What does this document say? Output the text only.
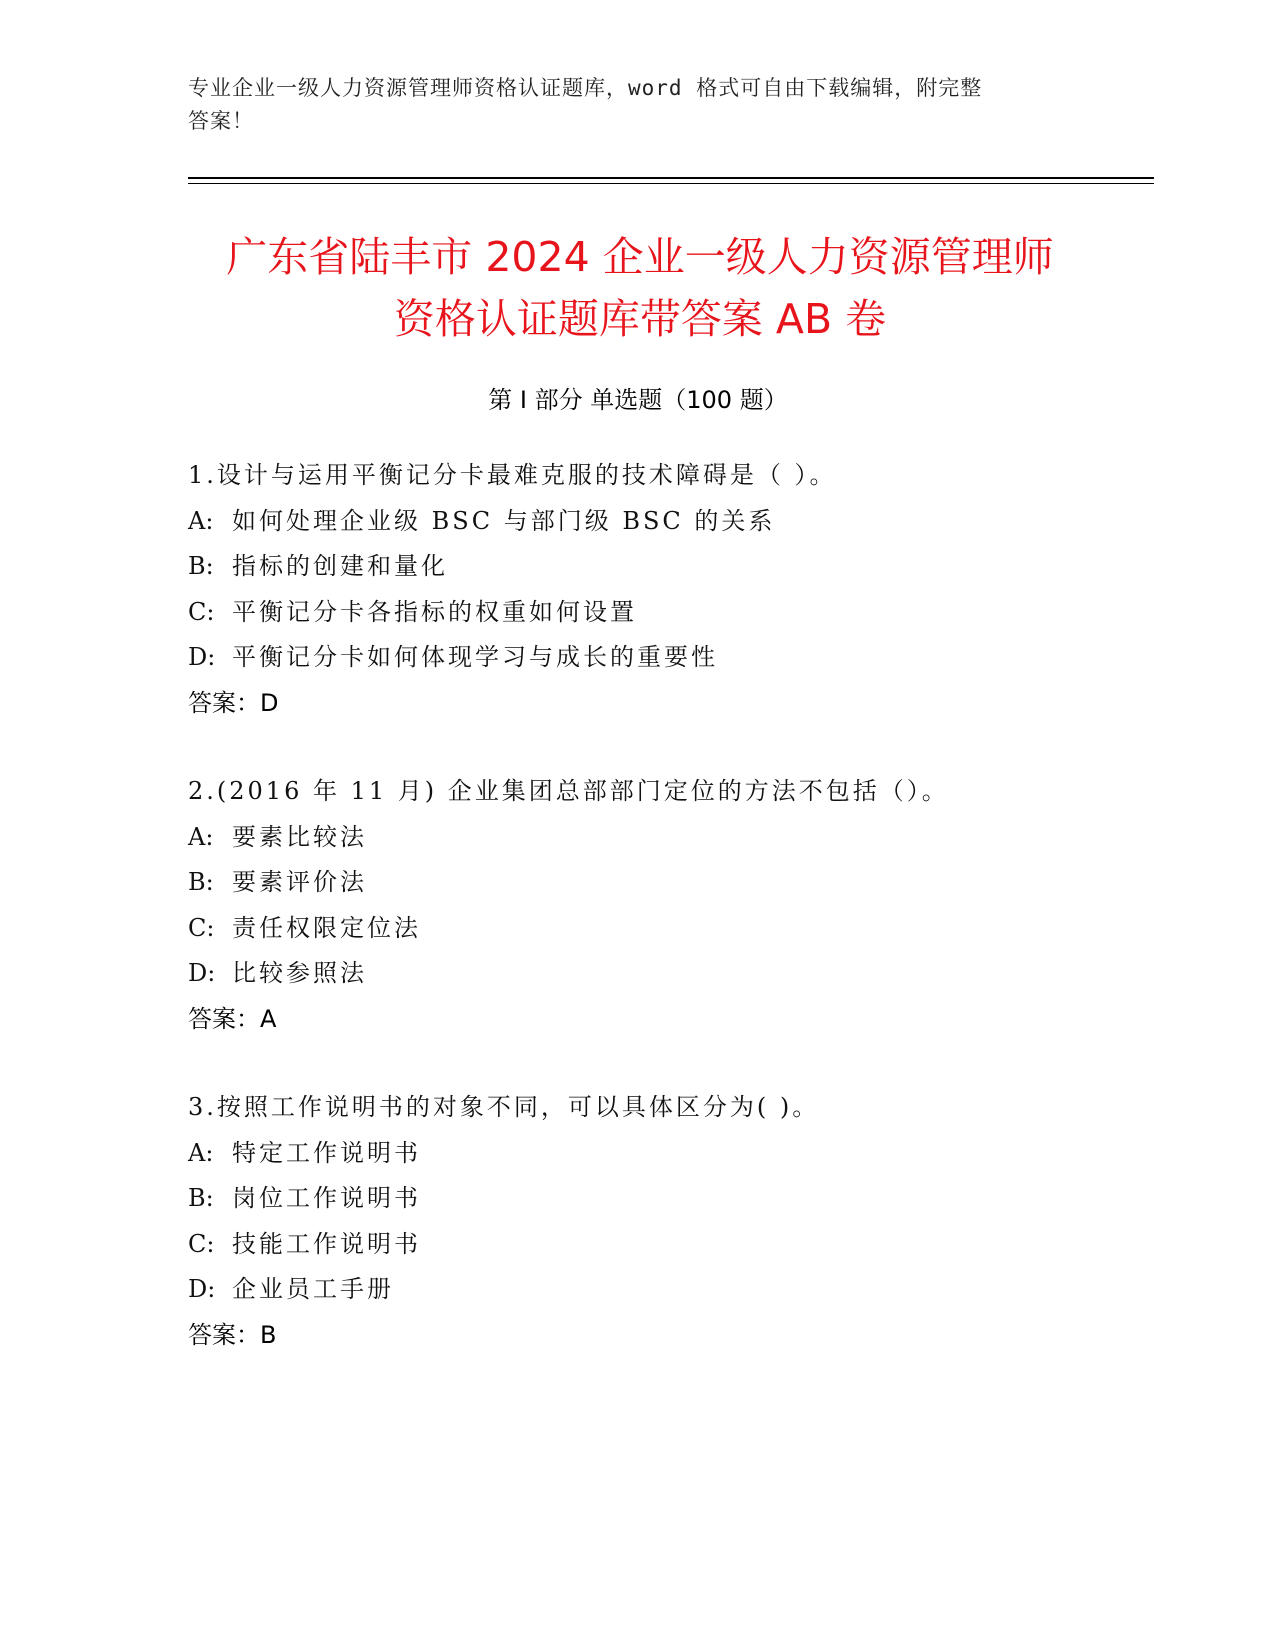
专业企业一级人力资源管理师资格认证题库，word 格式可自由下载编辑，附完整
答案！
广东省陆丰市 2024 企业一级人力资源管理师
资格认证题库带答案 AB 卷
第 I 部分 单选题（100 题）
1.设计与运用平衡记分卡最难克服的技术障碍是（ ）。
A: 如何处理企业级 BSC 与部门级 BSC 的关系
B: 指标的创建和量化
C: 平衡记分卡各指标的权重如何设置
D: 平衡记分卡如何体现学习与成长的重要性
答案：D
2.(2016 年 11 月) 企业集团总部部门定位的方法不包括（）。
A: 要素比较法
B: 要素评价法
C: 责任权限定位法
D: 比较参照法
答案：A
3.按照工作说明书的对象不同，可以具体区分为( )。
A: 特定工作说明书
B: 岗位工作说明书
C: 技能工作说明书
D: 企业员工手册
答案：B
